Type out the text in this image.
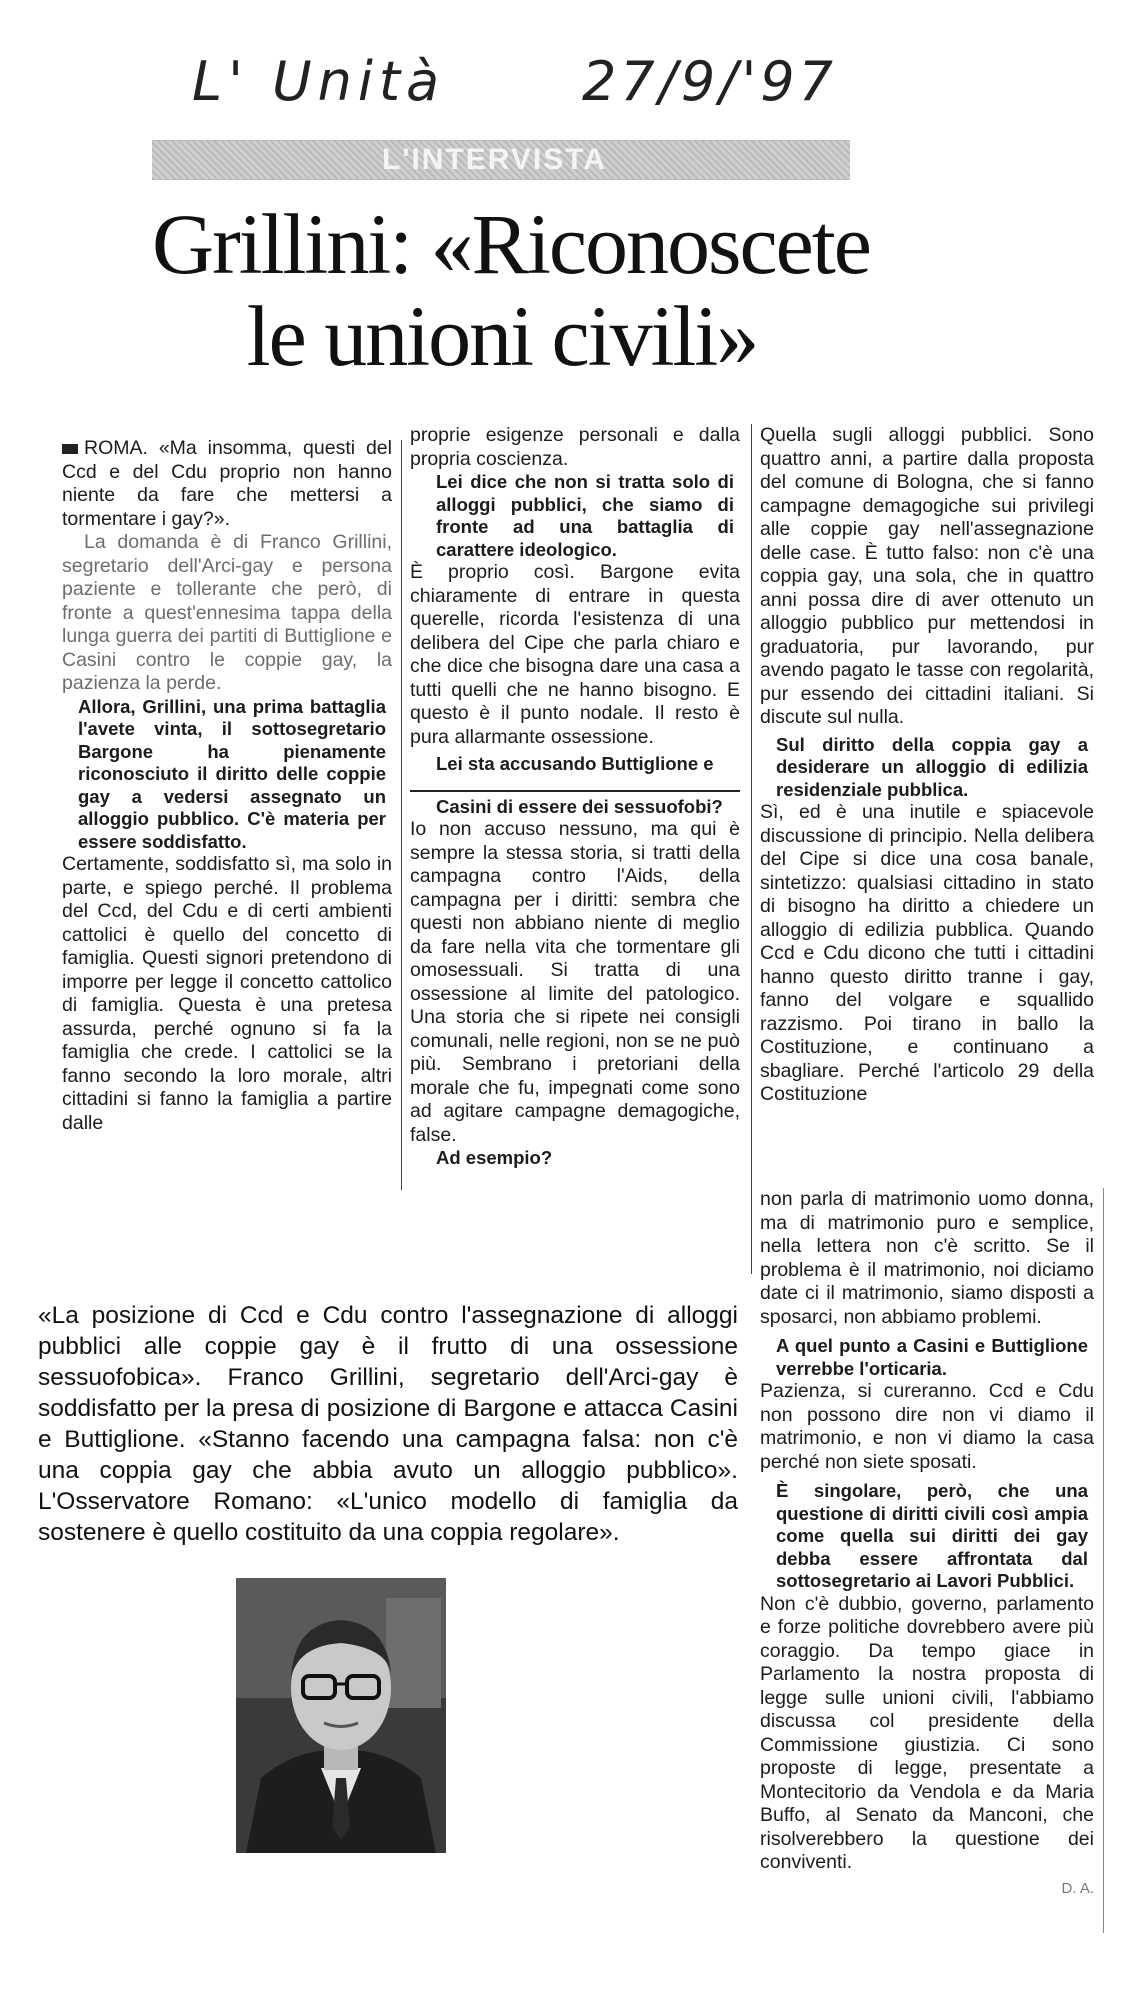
L' Unità	27/9/'97
L'INTERVISTA
Grillini: «Riconoscete
le unioni civili»

ROMA. «Ma insomma, questi del Ccd e del Cdu proprio non hanno niente da fare che mettersi a tormentare i gay?».

La domanda è di Franco Grillini, segretario dell'Arci-gay e persona paziente e tollerante che però, di fronte a quest'ennesima tappa della lunga guerra dei partiti di Buttiglione e Casini contro le coppie gay, la pazienza la perde.

Allora, Grillini, una prima battaglia l'avete vinta, il sottosegretario Bargone ha pienamente riconosciuto il diritto delle coppie gay a vedersi assegnato un alloggio pubblico. C'è materia per essere soddisfatto.

Certamente, soddisfatto sì, ma solo in parte, e spiego perché. Il problema del Ccd, del Cdu e di certi ambienti cattolici è quello del concetto di famiglia. Questi signori pretendono di imporre per legge il concetto cattolico di famiglia. Questa è una pretesa assurda, perché ognuno si fa la famiglia che crede. I cattolici se la fanno secondo la loro morale, altri cittadini si fanno la famiglia a partire dalle

proprie esigenze personali e dalla propria coscienza.

Lei dice che non si tratta solo di alloggi pubblici, che siamo di fronte ad una battaglia di carattere ideologico.

È proprio così. Bargone evita chiaramente di entrare in questa querelle, ricorda l'esistenza di una delibera del Cipe che parla chiaro e che dice che bisogna dare una casa a tutti quelli che ne hanno bisogno. E questo è il punto nodale. Il resto è pura allarmante ossessione.

Lei sta accusando Buttiglione e

Casini di essere dei sessuofobi?

Io non accuso nessuno, ma qui è sempre la stessa storia, si tratti della campagna contro l'Aids, della campagna per i diritti: sembra che questi non abbiano niente di meglio da fare nella vita che tormentare gli omosessuali. Si tratta di una ossessione al limite del patologico. Una storia che si ripete nei consigli comunali, nelle regioni, non se ne può più. Sembrano i pretoriani della morale che fu, impegnati come sono ad agitare campagne demagogiche, false.

Ad esempio?

Quella sugli alloggi pubblici. Sono quattro anni, a partire dalla proposta del comune di Bologna, che si fanno campagne demagogiche sui privilegi alle coppie gay nell'assegnazione delle case. È tutto falso: non c'è una coppia gay, una sola, che in quattro anni possa dire di aver ottenuto un alloggio pubblico pur mettendosi in graduatoria, pur lavorando, pur avendo pagato le tasse con regolarità, pur essendo dei cittadini italiani. Si discute sul nulla.

Sul diritto della coppia gay a desiderare un alloggio di edilizia residenziale pubblica.

Sì, ed è una inutile e spiacevole discussione di principio. Nella delibera del Cipe si dice una cosa banale, sintetizzo: qualsiasi cittadino in stato di bisogno ha diritto a chiedere un alloggio di edilizia pubblica. Quando Ccd e Cdu dicono che tutti i cittadini hanno questo diritto tranne i gay, fanno del volgare e squallido razzismo. Poi tirano in ballo la Costituzione, e continuano a sbagliare. Perché l'articolo 29 della Costituzione

non parla di matrimonio uomo donna, ma di matrimonio puro e semplice, nella lettera non c'è scritto. Se il problema è il matrimonio, noi diciamo date ci il matrimonio, siamo disposti a sposarci, non abbiamo problemi.

A quel punto a Casini e Buttiglione verrebbe l'orticaria.

Pazienza, si cureranno. Ccd e Cdu non possono dire non vi diamo il matrimonio, e non vi diamo la casa perché non siete sposati.

È singolare, però, che una questione di diritti civili così ampia come quella sui diritti dei gay debba essere affrontata dal sottosegretario ai Lavori Pubblici.

Non c'è dubbio, governo, parlamento e forze politiche dovrebbero avere più coraggio. Da tempo giace in Parlamento la nostra proposta di legge sulle unioni civili, l'abbiamo discussa col presidente della Commissione giustizia. Ci sono proposte di legge, presentate a Montecitorio da Vendola e da Maria Buffo, al Senato da Manconi, che risolverebbero la questione dei conviventi.

D. A.
«La posizione di Ccd e Cdu contro l'assegnazione di alloggi pubblici alle coppie gay è il frutto di una ossessione sessuofobica». Franco Grillini, segretario dell'Arci-gay è soddisfatto per la presa di posizione di Bargone e attacca Casini e Buttiglione. «Stanno facendo una campagna falsa: non c'è una coppia gay che abbia avuto un alloggio pubblico». L'Osservatore Romano: «L'unico modello di famiglia da sostenere è quello costituito da una coppia regolare».
